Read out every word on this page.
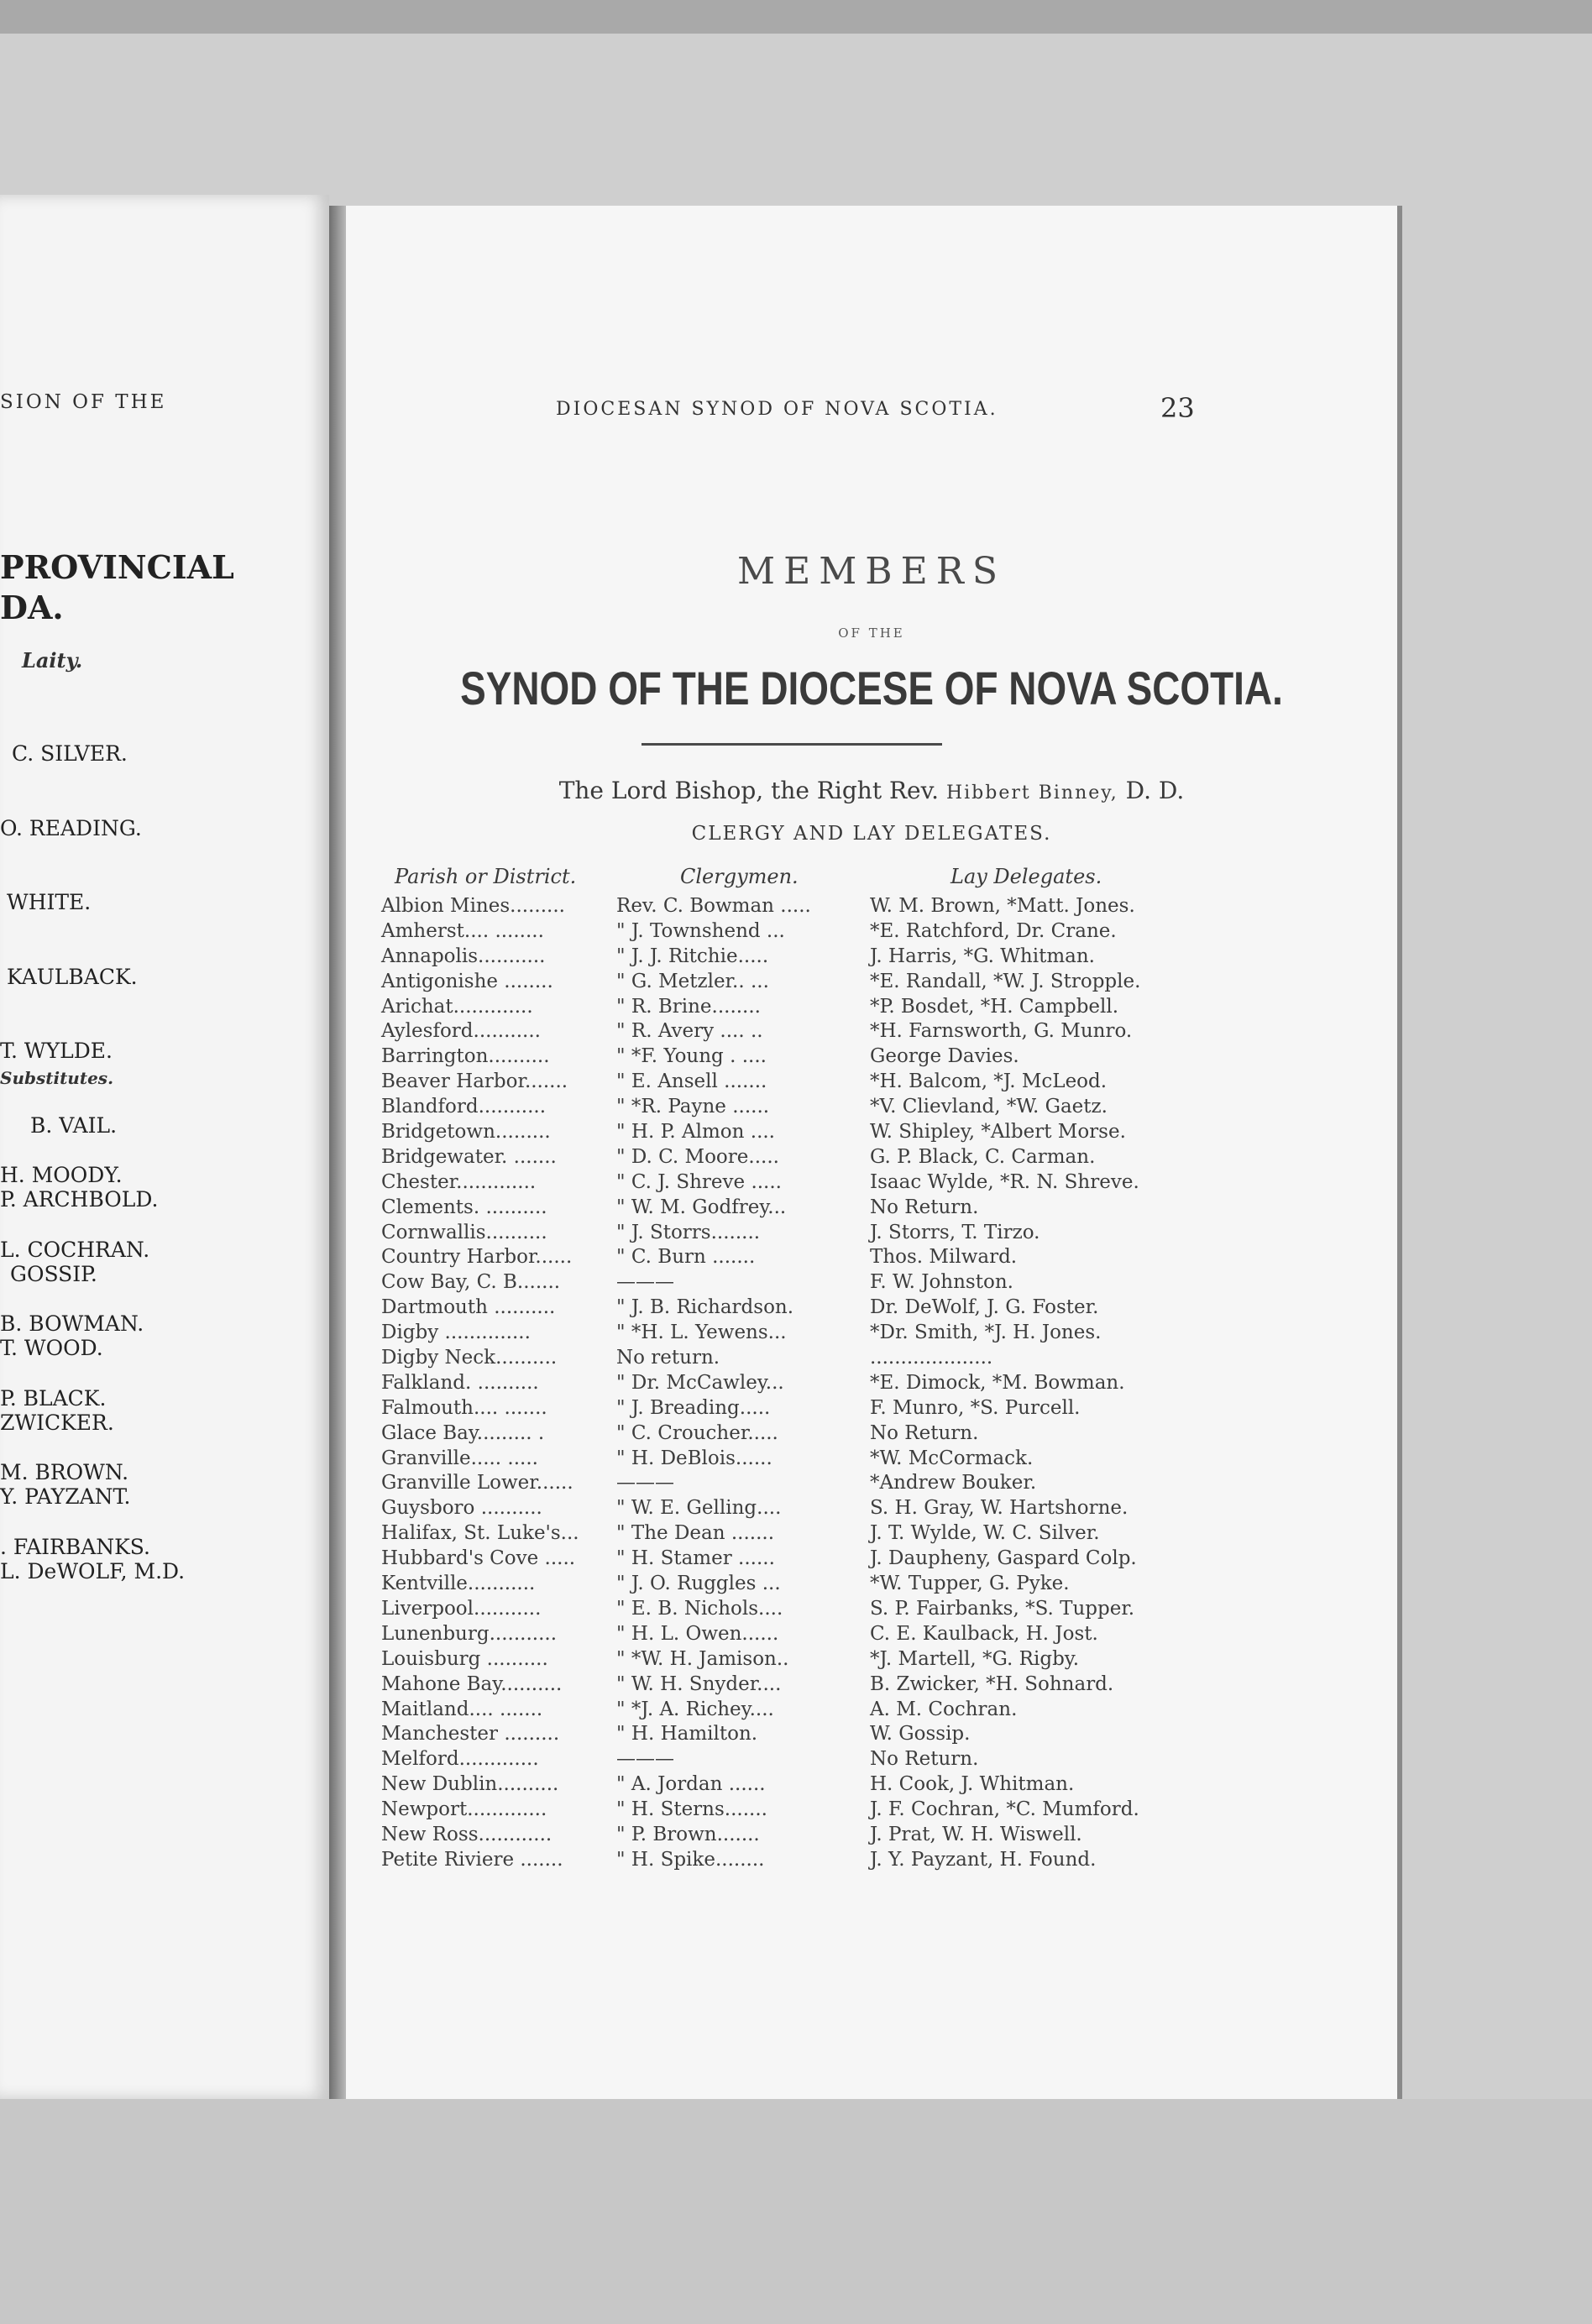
SION OF THE
PROVINCIAL
DA.
Laity.

C. SILVER.

O. READING.

WHITE.

KAULBACK.

T. WYLDE.

B. VAIL.

P. ARCHBOLD.

GOSSIP.

T. WOOD.

ZWICKER.

Y. PAYZANT.

L. DeWOLF, M.D.

Substitutes.

H. MOODY.

L. COCHRAN.

B. BOWMAN.

P. BLACK.

M. BROWN.

. FAIRBANKS.

DIOCESAN SYNOD OF NOVA SCOTIA.	23
MEMBERS
OF THE
SYNOD OF THE DIOCESE OF NOVA SCOTIA.
The Lord Bishop, the Right Rev. Hibbert Binney, D. D.
CLERGY AND LAY DELEGATES.
Parish or District.	Clergymen.	Lay Delegates.
Albion Mines.........	Rev. C. Bowman .....	W. M. Brown, *Matt. Jones.
Amherst.... ........	" J. Townshend ...	*E. Ratchford, Dr. Crane.
Annapolis...........	" J. J. Ritchie.....	J. Harris, *G. Whitman.
Antigonishe ........	" G. Metzler.. ...	*E. Randall, *W. J. Stropple.
Arichat.............	" R. Brine........	*P. Bosdet, *H. Campbell.
Aylesford...........	" R. Avery .... ..	*H. Farnsworth, G. Munro.
Barrington..........	" *F. Young . ....	George Davies.
Beaver Harbor.......	" E. Ansell .......	*H. Balcom, *J. McLeod.
Blandford...........	" *R. Payne ......	*V. Clievland, *W. Gaetz.
Bridgetown.........	" H. P. Almon ....	W. Shipley, *Albert Morse.
Bridgewater. .......	" D. C. Moore.....	G. P. Black, C. Carman.
Chester.............	" C. J. Shreve .....	Isaac Wylde, *R. N. Shreve.
Clements. ..........	" W. M. Godfrey...	No Return.
Cornwallis..........	" J. Storrs........	J. Storrs, T. Tirzo.
Country Harbor...... " C. Burn .......	Thos. Milward.
Cow Bay, C. B.......	———	F. W. Johnston.
Dartmouth ..........	" J. B. Richardson.	Dr. DeWolf, J. G. Foster.
Digby ..............	" *H. L. Yewens...	*Dr. Smith, *J. H. Jones.
Digby Neck..........	No return.	....................
Falkland. ..........	" Dr. McCawley...	*E. Dimock, *M. Bowman.
Falmouth.... .......	" J. Breading.....	F. Munro, *S. Purcell.
Glace Bay......... .	" C. Croucher.....	No Return.
Granville..... .....	" H. DeBlois......	*W. McCormack.
Granville Lower...... ———	*Andrew Bouker.
Guysboro ..........	" W. E. Gelling....	S. H. Gray, W. Hartshorne.
Halifax, St. Luke's... " The Dean .......	J. T. Wylde, W. C. Silver.
Hubbard's Cove ..... " H. Stamer ......	J. Daupheny, Gaspard Colp.
Kentville...........	" J. O. Ruggles ...	*W. Tupper, G. Pyke.
Liverpool...........	" E. B. Nichols....	S. P. Fairbanks, *S. Tupper.
Lunenburg...........	" H. L. Owen......	C. E. Kaulback, H. Jost.
Louisburg ..........	" *W. H. Jamison..	*J. Martell, *G. Rigby.
Mahone Bay..........	" W. H. Snyder....	B. Zwicker, *H. Sohnard.
Maitland.... .......	" *J. A. Richey....	A. M. Cochran.
Manchester .........	" H. Hamilton.	W. Gossip.
Melford.............	———	No Return.
New Dublin..........	" A. Jordan ......	H. Cook, J. Whitman.
Newport.............	" H. Sterns.......	J. F. Cochran, *C. Mumford.
New Ross............	" P. Brown.......	J. Prat, W. H. Wiswell.
Petite Riviere .......	" H. Spike........	J. Y. Payzant, H. Found.
